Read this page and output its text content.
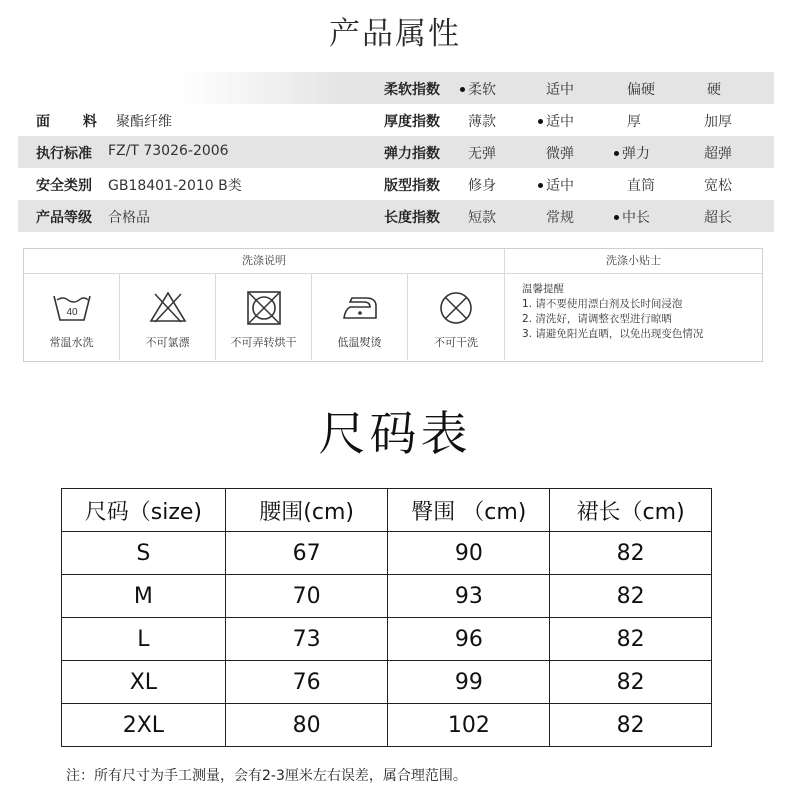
产品属性
柔软指数	柔软	适中	偏硬	硬
面 料 聚酯纤维	厚度指数 薄款	适中	厚	加厚
执行标准 FZ/T 73026-2006	弹力指数 无弹	微弹	弹力	超弹
安全类别 GB18401-2010 B类	版型指数 修身	适中	直筒	宽松
产品等级 合格品	长度指数 短款	常规	中长	超长
洗涤说明	洗涤小贴士
40
常温水洗	不可氯漂	不可弄转烘干	低温熨烫	不可干洗
温馨提醒
1. 请不要使用漂白剂及长时间浸泡
2. 清洗好，请调整衣型进行晾晒
3. 请避免阳光直晒，以免出现变色情况
尺码表
尺码（size)	腰围(cm)	臀围 （cm)	裙长（cm)
S	67	90	82
M	70	93	82
L	73	96	82
XL	76	99	82
2XL	80	102	82
注：所有尺寸为手工测量，会有2-3厘米左右误差，属合理范围。
